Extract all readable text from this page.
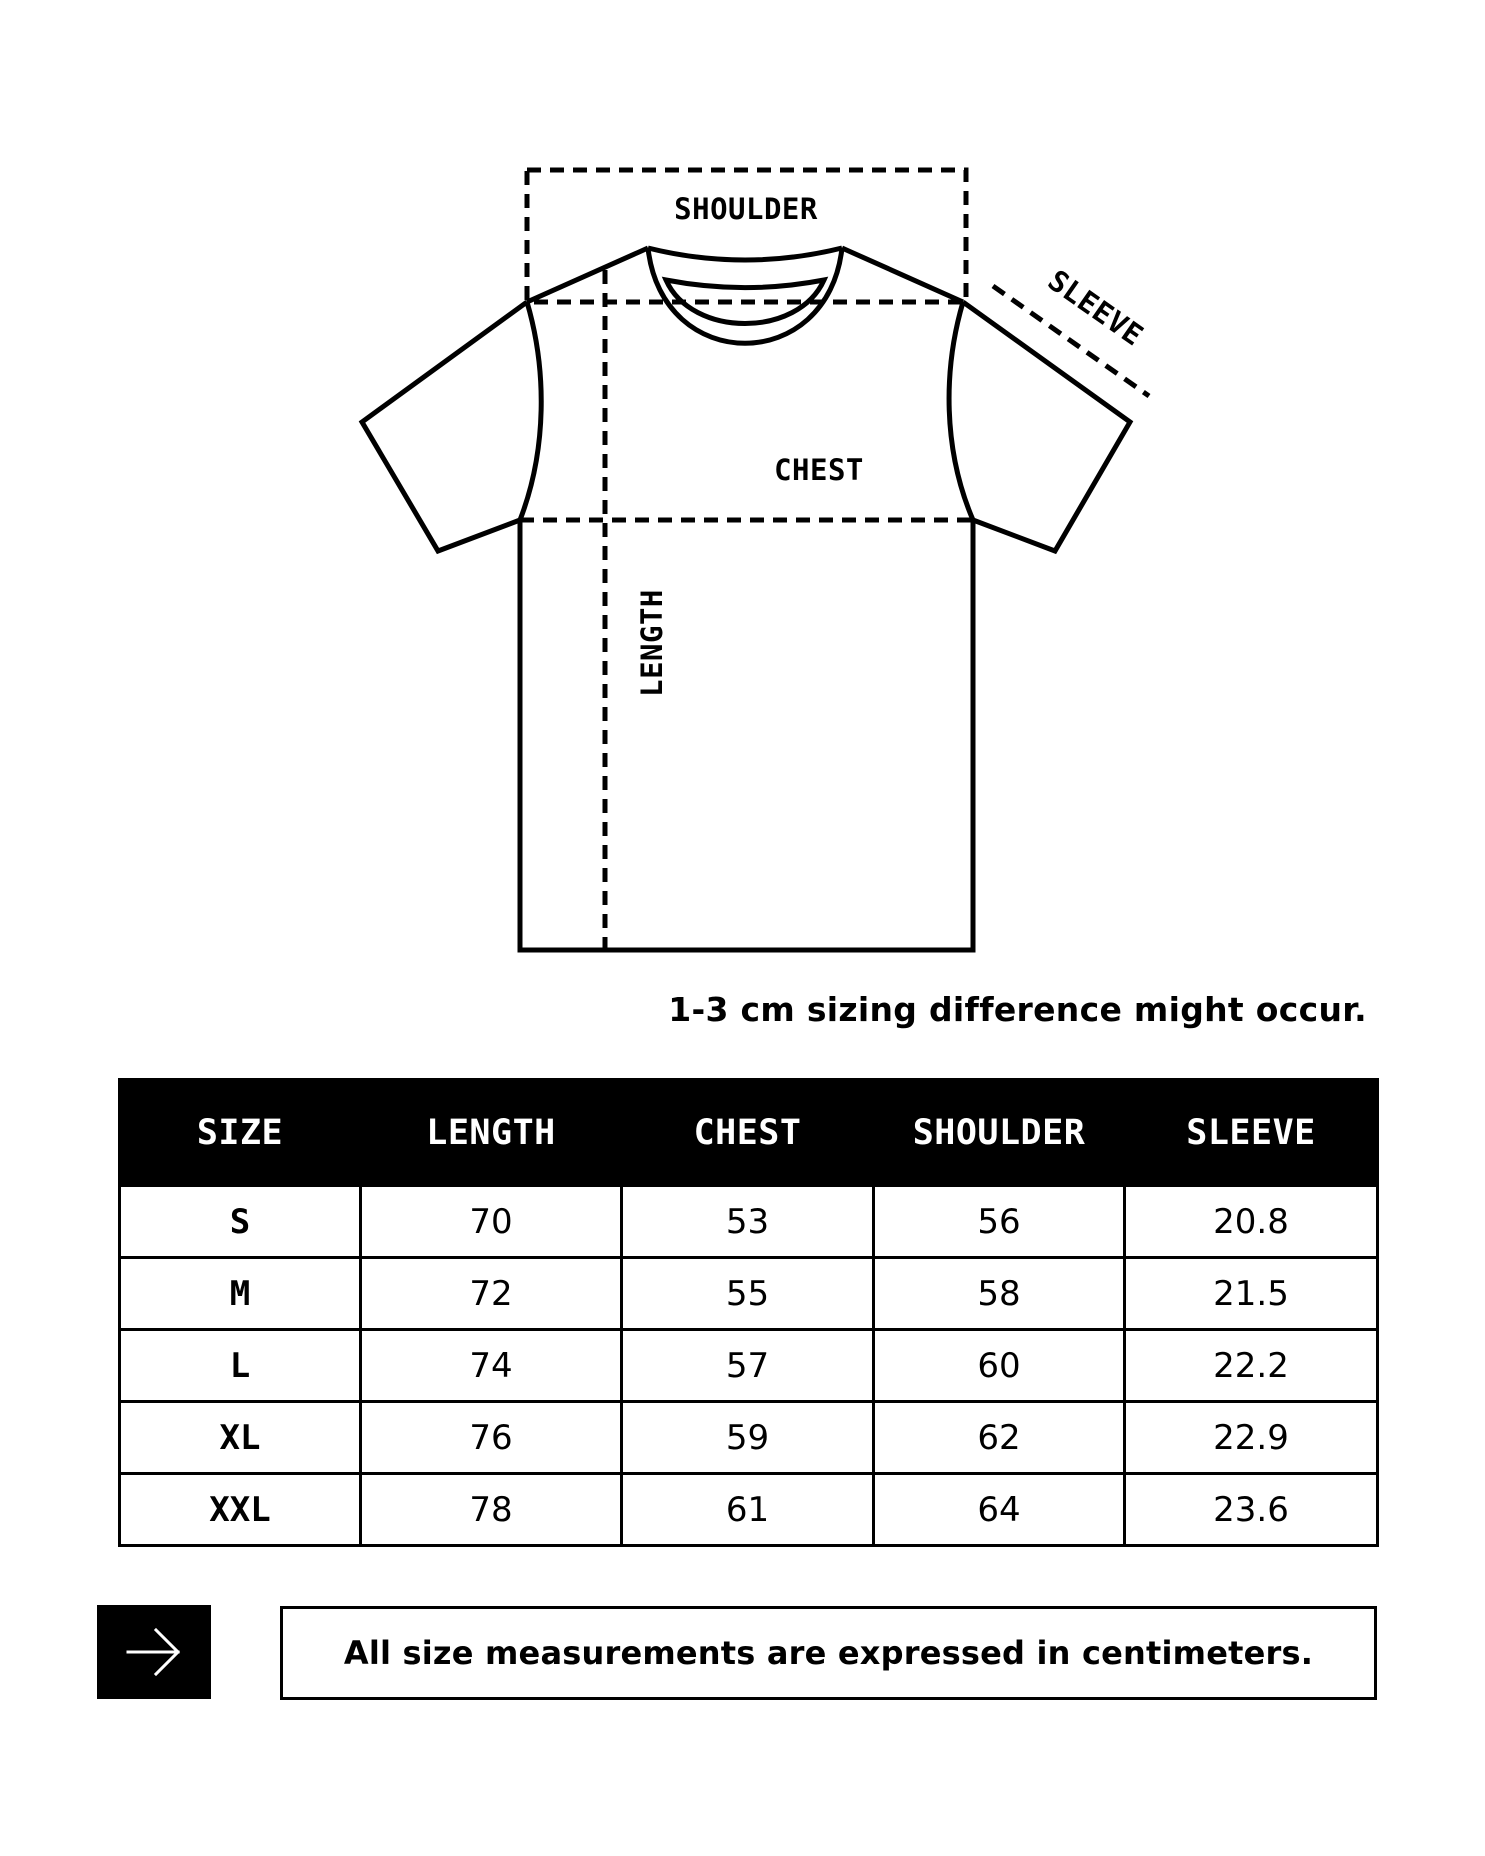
SHOULDER
CHEST
LENGTH
SLEEVE

1-3 cm sizing difference might occur.

SIZE	LENGTH	CHEST	SHOULDER	SLEEVE
S	70	53	56	20.8
M	72	55	58	21.5
L	74	57	60	22.2
XL	76	59	62	22.9
XXL	78	61	64	23.6
All size measurements are expressed in centimeters.
